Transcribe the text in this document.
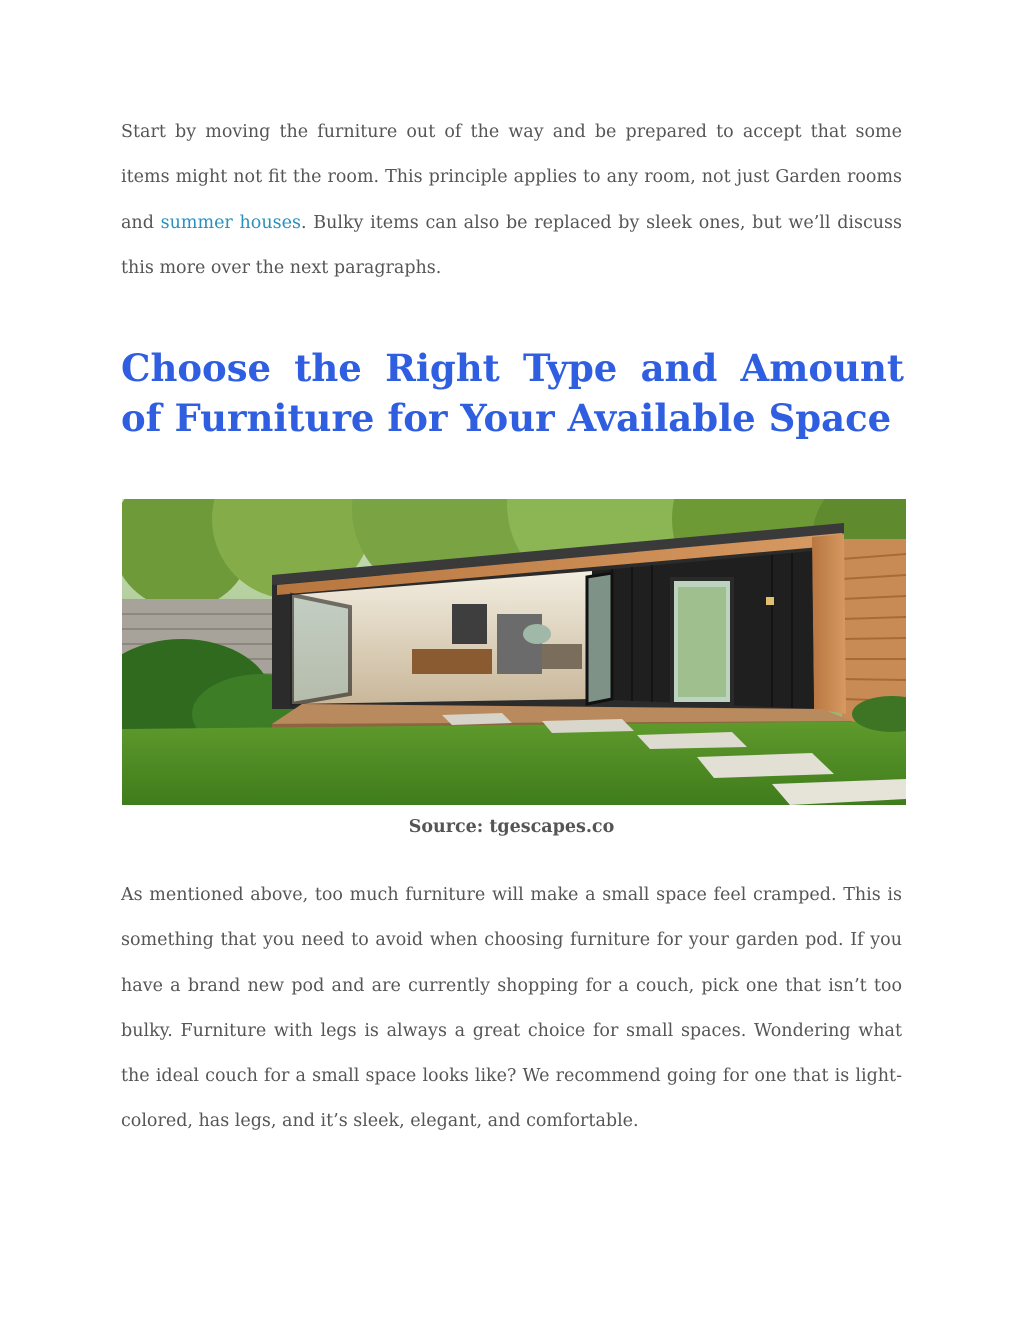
Start by moving the furniture out of the way and be prepared to accept that some items might not fit the room. This principle applies to any room, not just Garden rooms and summer houses. Bulky items can also be replaced by sleek ones, but we’ll discuss this more over the next paragraphs.

Choose the Right Type and Amount of Furniture for Your Available Space

Source: tgescapes.co

As mentioned above, too much furniture will make a small space feel cramped. This is something that you need to avoid when choosing furniture for your garden pod. If you have a brand new pod and are currently shopping for a couch, pick one that isn’t too bulky. Furniture with legs is always a great choice for small spaces. Wondering what the ideal couch for a small space looks like? We recommend going for one that is light-colored, has legs, and it’s sleek, elegant, and comfortable.
